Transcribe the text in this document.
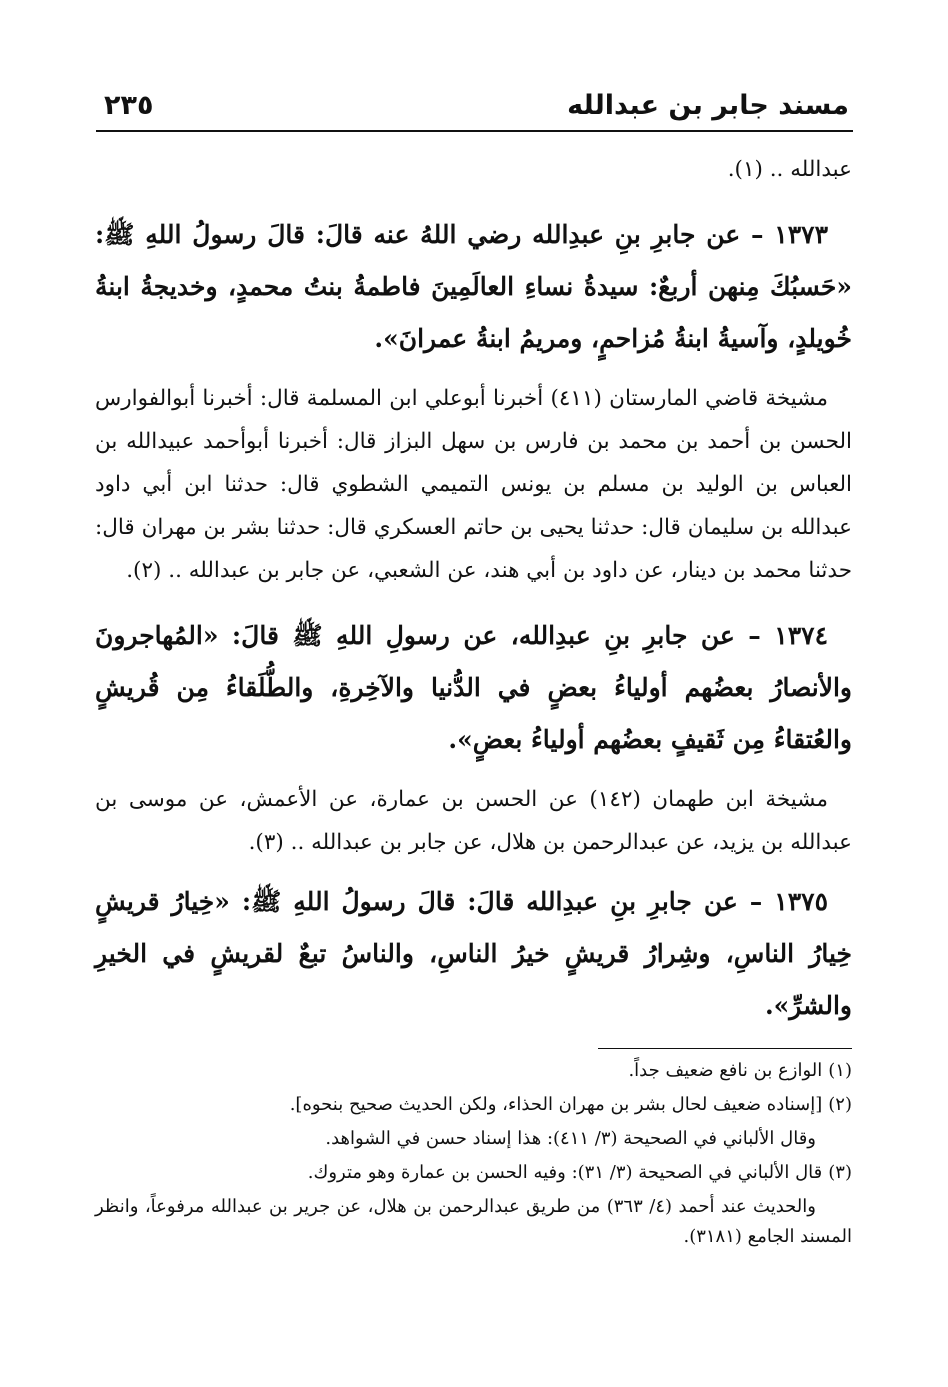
مسند جابر بن عبدالله
٢٣٥

عبدالله .. (١).

١٣٧٣ – عن جابرِ بنِ عبدِالله رضي اللهُ عنه قالَ: قالَ رسولُ اللهِ ﷺ: «حَسبُكَ مِنهن أربعٌ: سيدةُ نساءِ العالَمِينَ فاطمةُ بنتُ محمدٍ، وخديجةُ ابنةُ خُويلدٍ، وآسيةُ ابنةُ مُزاحمٍ، ومريمُ ابنةُ عمرانَ».

مشيخة قاضي المارستان (٤١١) أخبرنا أبوعلي ابن المسلمة قال: أخبرنا أبوالفوارس الحسن بن أحمد بن محمد بن فارس بن سهل البزاز قال: أخبرنا أبوأحمد عبيدالله بن العباس بن الوليد بن مسلم بن يونس التميمي الشطوي قال: حدثنا ابن أبي داود عبدالله بن سليمان قال: حدثنا يحيى بن حاتم العسكري قال: حدثنا بشر بن مهران قال: حدثنا محمد بن دينار، عن داود بن أبي هند، عن الشعبي، عن جابر بن عبدالله .. (٢).

١٣٧٤ – عن جابرِ بنِ عبدِالله، عن رسولِ اللهِ ﷺ قالَ: «المُهاجرونَ والأنصارُ بعضُهم أولياءُ بعضٍ في الدُّنيا والآخِرةِ، والطُّلَقاءُ مِن قُريشٍ والعُتقاءُ مِن ثَقيفٍ بعضُهم أولياءُ بعضٍ».

مشيخة ابن طهمان (١٤٢) عن الحسن بن عمارة، عن الأعمش، عن موسى بن عبدالله بن يزيد، عن عبدالرحمن بن هلال، عن جابر بن عبدالله .. (٣).

١٣٧٥ – عن جابرِ بنِ عبدِالله قالَ: قالَ رسولُ اللهِ ﷺ: «خِيارُ قريشٍ خِيارُ الناسِ، وشِرارُ قريشٍ خيرُ الناسِ، والناسُ تبعٌ لقريشٍ في الخيرِ والشرِّ».

(١)الوازع بن نافع ضعيف جداً.

(٢)[إسناده ضعيف لحال بشر بن مهران الحذاء، ولكن الحديث صحيح بنحوه].

وقال الألباني في الصحيحة (٣/ ٤١١): هذا إسناد حسن في الشواهد.

(٣)قال الألباني في الصحيحة (٣/ ٣١): وفيه الحسن بن عمارة وهو متروك.

والحديث عند أحمد (٤/ ٣٦٣) من طريق عبدالرحمن بن هلال، عن جرير بن عبدالله مرفوعاً، وانظر المسند الجامع (٣١٨١).
